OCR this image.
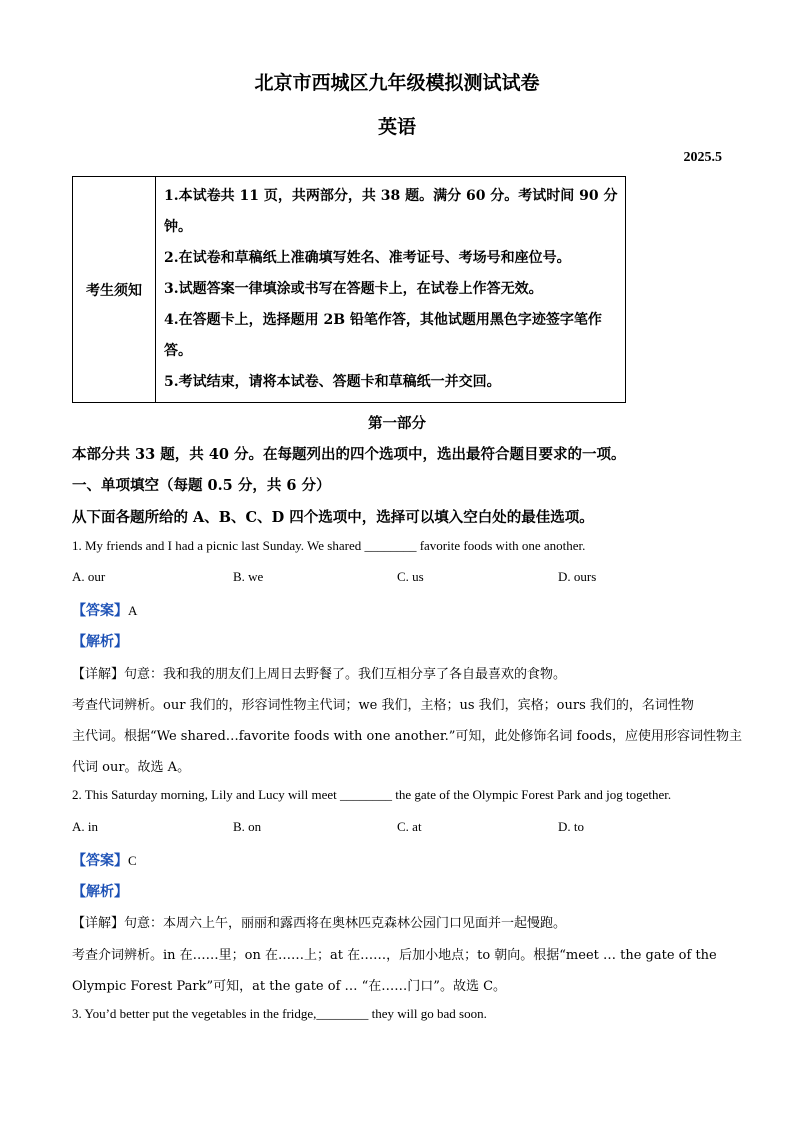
北京市西城区九年级模拟测试试卷
英语
2025.5
考生须知	
1.本试卷共 11 页，共两部分，共 38 题。满分 60 分。考试时间 90 分钟。
2.在试卷和草稿纸上准确填写姓名、准考证号、考场号和座位号。
3.试题答案一律填涂或书写在答题卡上，在试卷上作答无效。
4.在答题卡上，选择题用 2B 铅笔作答，其他试题用黑色字迹签字笔作答。
5.考试结束，请将本试卷、答题卡和草稿纸一并交回。
第一部分
本部分共 33 题，共 40 分。在每题列出的四个选项中，选出最符合题目要求的一项。
一、单项填空（每题 0.5 分，共 6 分）
从下面各题所给的 A、B、C、D 四个选项中，选择可以填入空白处的最佳选项。
1. My friends and I had a picnic last Sunday. We shared ________ favorite foods with one another.
A. our	B. we	C. us	D. ours
【答案】A
【解析】
【详解】句意：我和我的朋友们上周日去野餐了。我们互相分享了各自最喜欢的食物。
考查代词辨析。our 我们的，形容词性物主代词；we 我们，主格；us 我们，宾格；ours 我们的，名词性物
主代词。根据“We shared…favorite foods with one another.”可知，此处修饰名词 foods，应使用形容词性物主
代词 our。故选 A。
2. This Saturday morning, Lily and Lucy will meet ________ the gate of the Olympic Forest Park and jog together.
A. in	B. on	C. at	D. to
【答案】C
【解析】
【详解】句意：本周六上午，丽丽和露西将在奥林匹克森林公园门口见面并一起慢跑。
考查介词辨析。in 在……里；on 在……上；at 在……，后加小地点；to 朝向。根据“meet … the gate of the
Olympic Forest Park”可知，at the gate of … “在……门口”。故选 C。
3. You’d better put the vegetables in the fridge,________ they will go bad soon.
